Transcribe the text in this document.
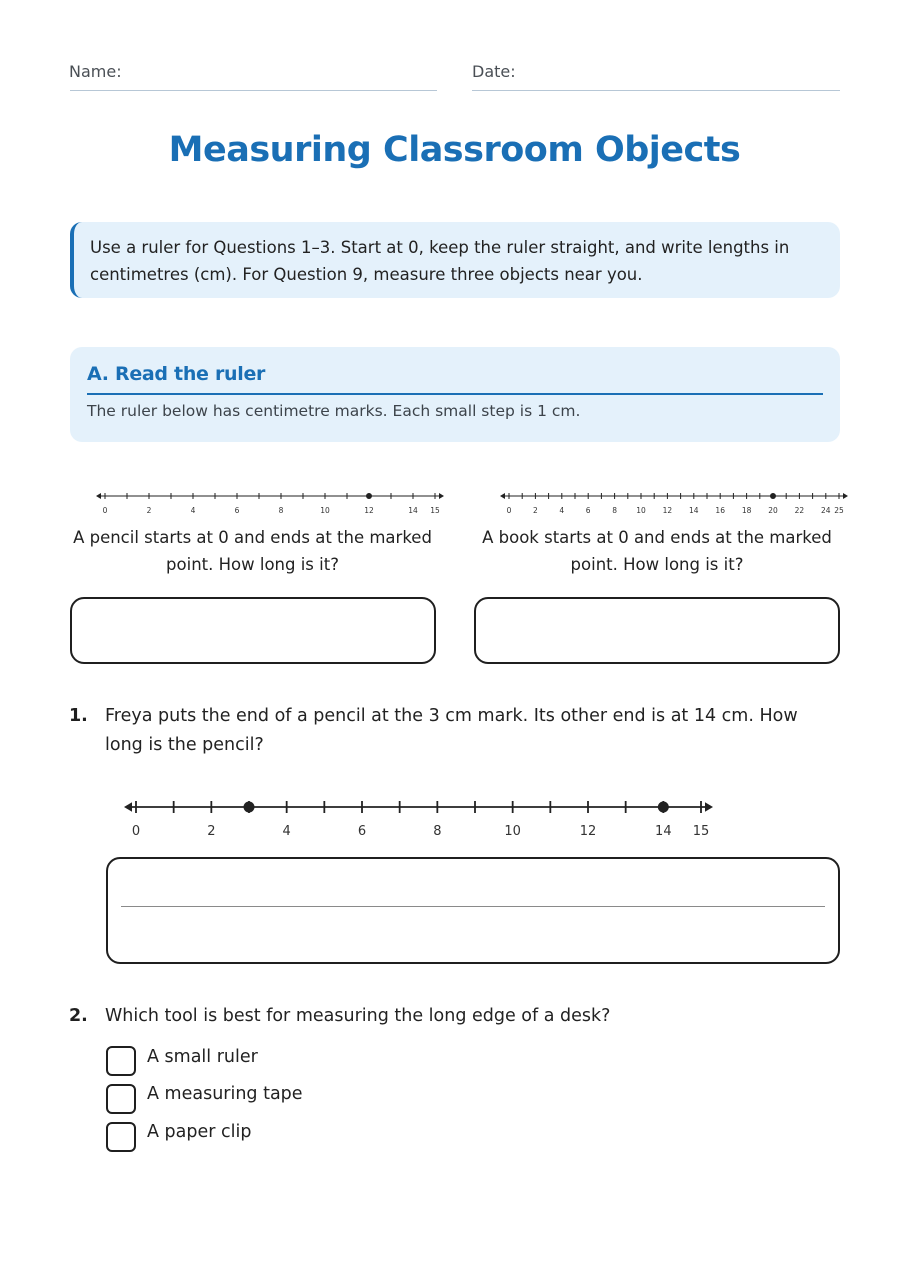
Name:	Date:
Measuring Classroom Objects
Use a ruler for Questions 1–3. Start at 0, keep the ruler straight, and write lengths in centimetres (cm). For Question 9, measure three objects near you.
A. Read the ruler
The ruler below has centimetre marks. Each small step is 1 cm.
0	2	4	6	8	10	12	14 15
A pencil starts at 0 and ends at the marked point. How long is it?
0	2	4	6	8	10 12 14 16 18 20 22 24 25
A book starts at 0 and ends at the marked point. How long is it?
1. Freya puts the end of a pencil at the 3 cm mark. Its other end is at 14 cm. How long is the pencil?
0	2	4	6	8	10	12	14 15
2. Which tool is best for measuring the long edge of a desk?
A small ruler
A measuring tape
A paper clip
